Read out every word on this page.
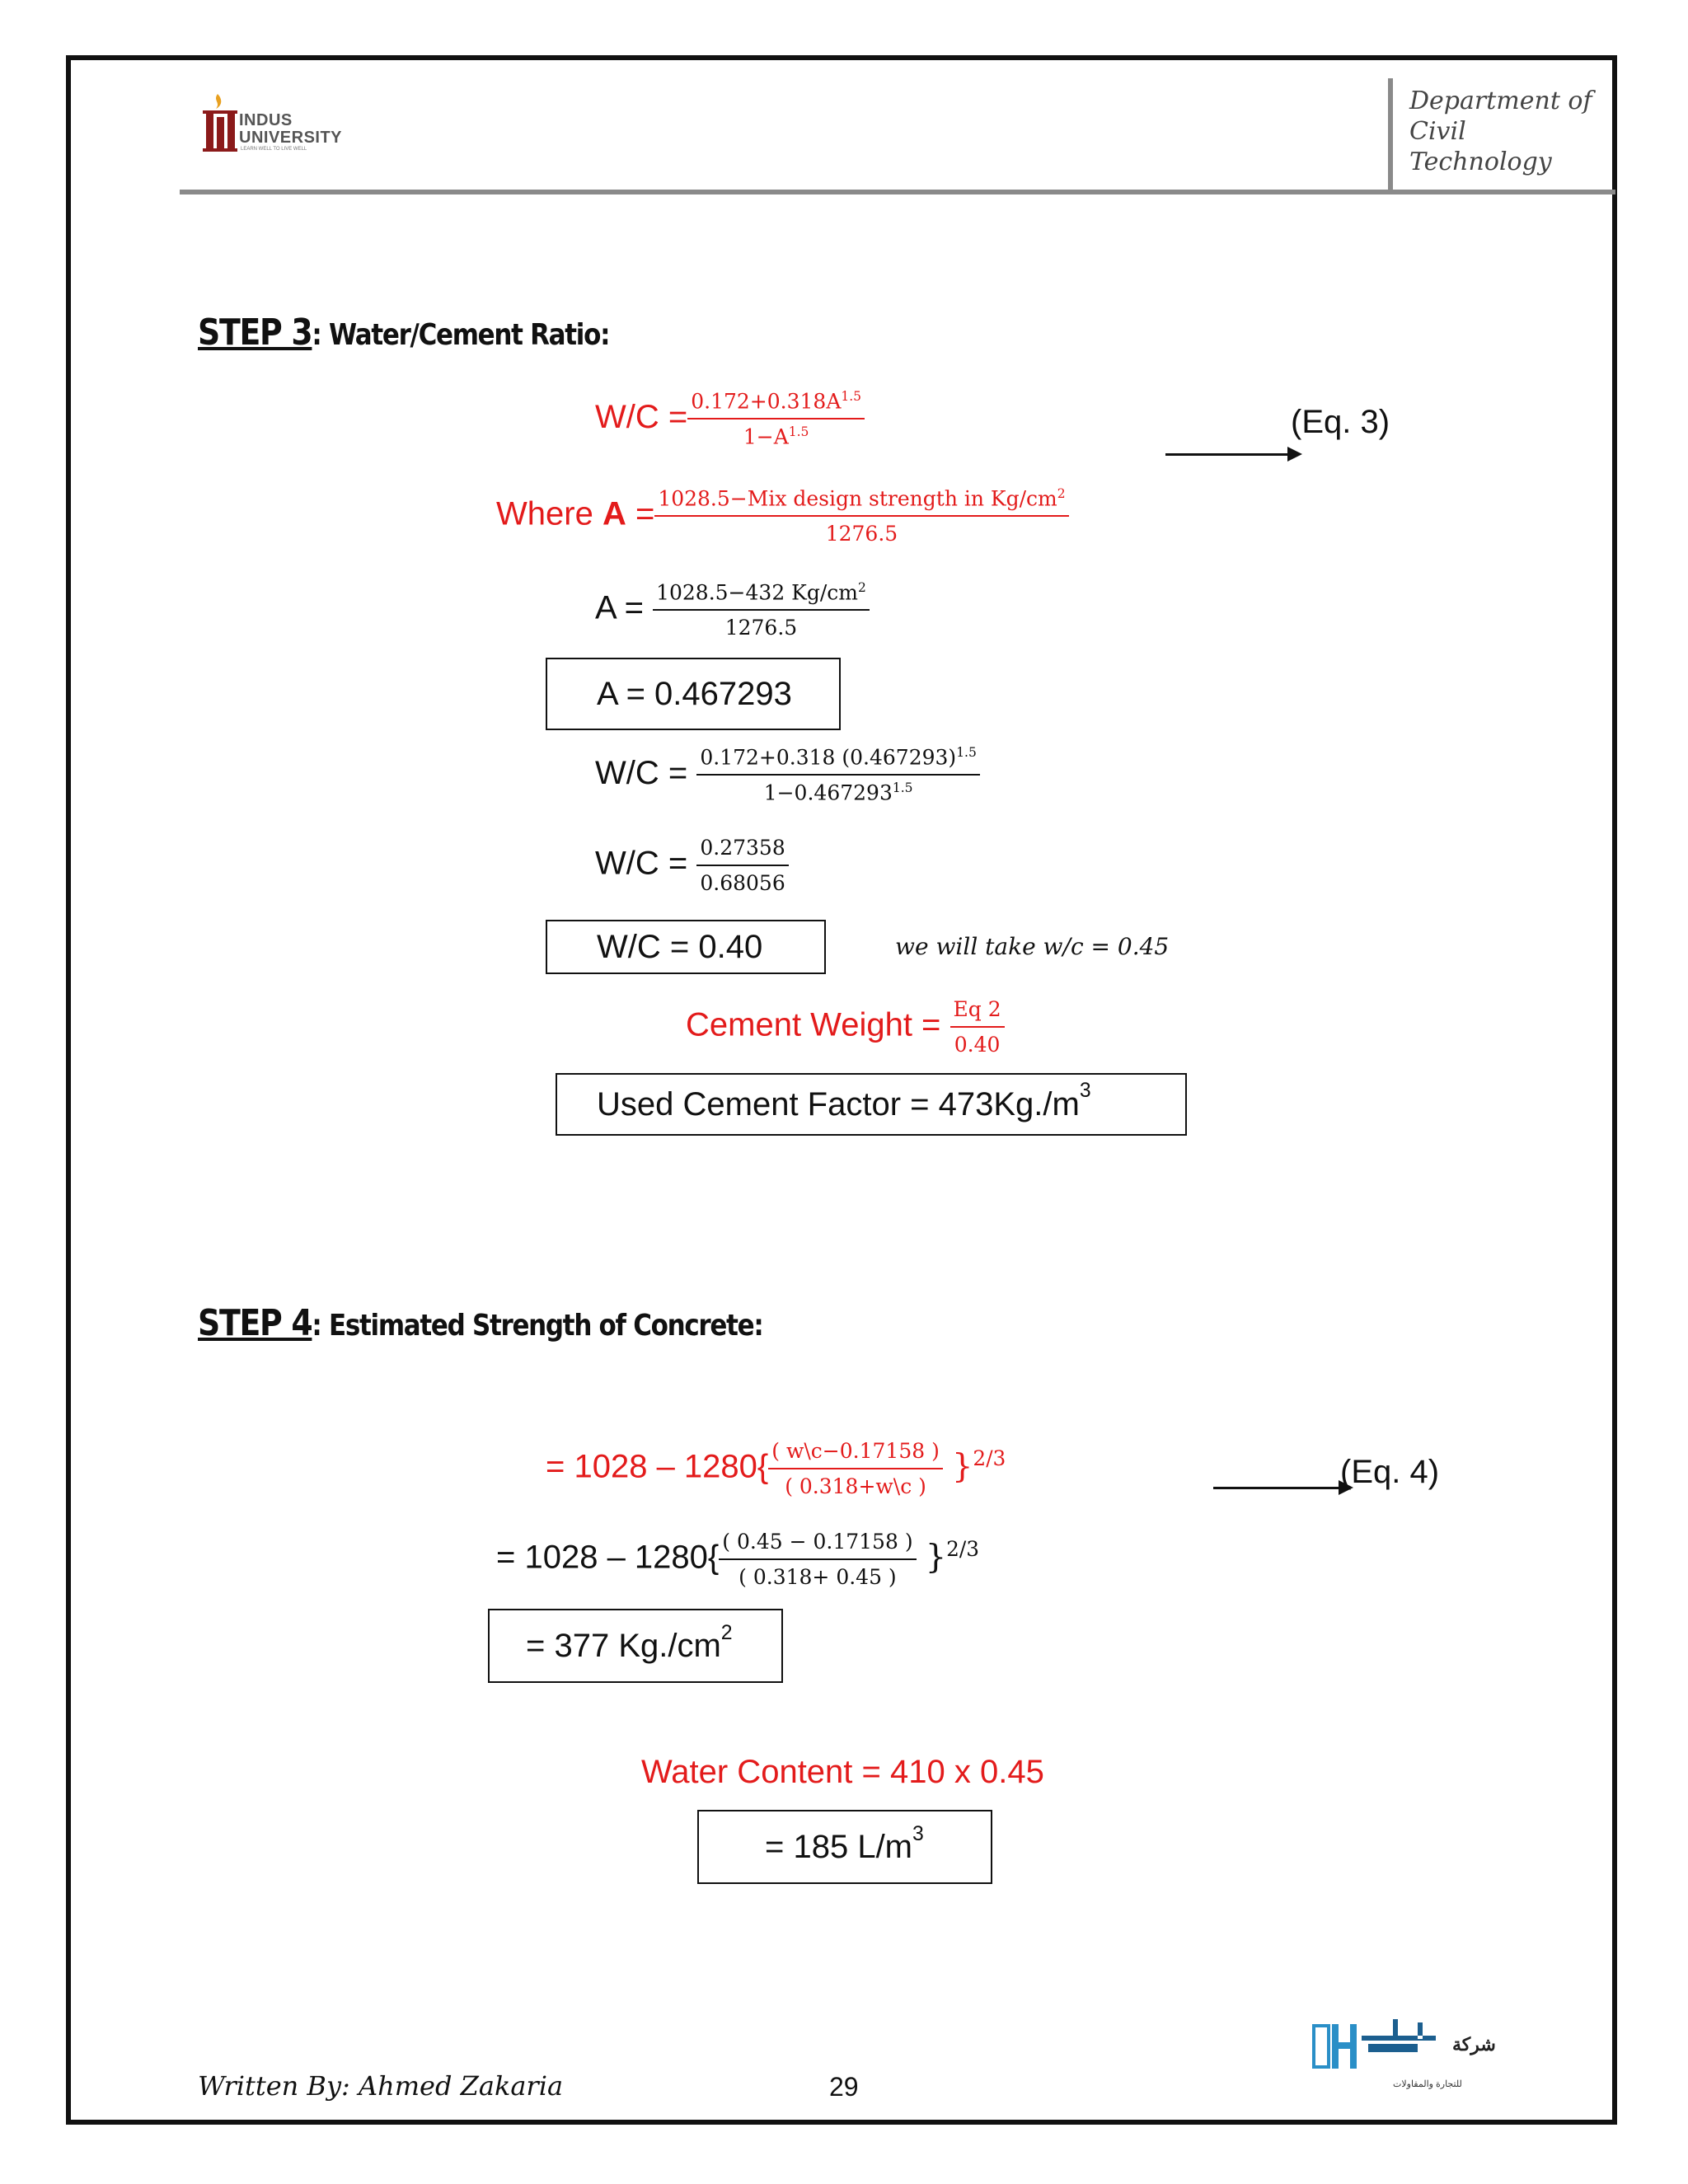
INDUS
UNIVERSITY
LEARN WELL TO LIVE WELL
Department of Civil Technology
STEP 3: Water/Cement Ratio:
$W/C = \frac{0.172+0.318A^{1.5}}{1-A^{1.5}}$	(Eq. 3)
Where $A = \frac{1028.5-Mix design strength in Kg/cm^2}{1276.5}$
$A = \frac{1028.5-432 Kg/cm^2}{1276.5}$
A = 0.467293
$W/C = \frac{0.172+0.318 (0.467293)^{1.5}}{1-0.467293^{1.5}}$
$W/C = \frac{0.27358}{0.68056}$
W/C = 0.40	we will take w/c = 0.45
Cement Weight = $\frac{Eq 2}{0.40}$
Used Cement Factor = $473Kg./m^3$
STEP 4: Estimated Strength of Concrete:
= $1028 - 1280\{ \frac{( w\backslash c-0.17158 )}{( 0.318+w\backslash c )} \}^{2/3}$	(Eq. 4)
= $1028 - 1280\{ \frac{( 0.45 - 0.17158 )}{( 0.318+ 0.45 )} \}^{2/3}$
= 377 $Kg./cm^2$
Water Content = 410 x 0.45
= 185 $L/m^3$
Written By: Ahmed Zakaria	29
شركة
للتجارة والمقاولات
